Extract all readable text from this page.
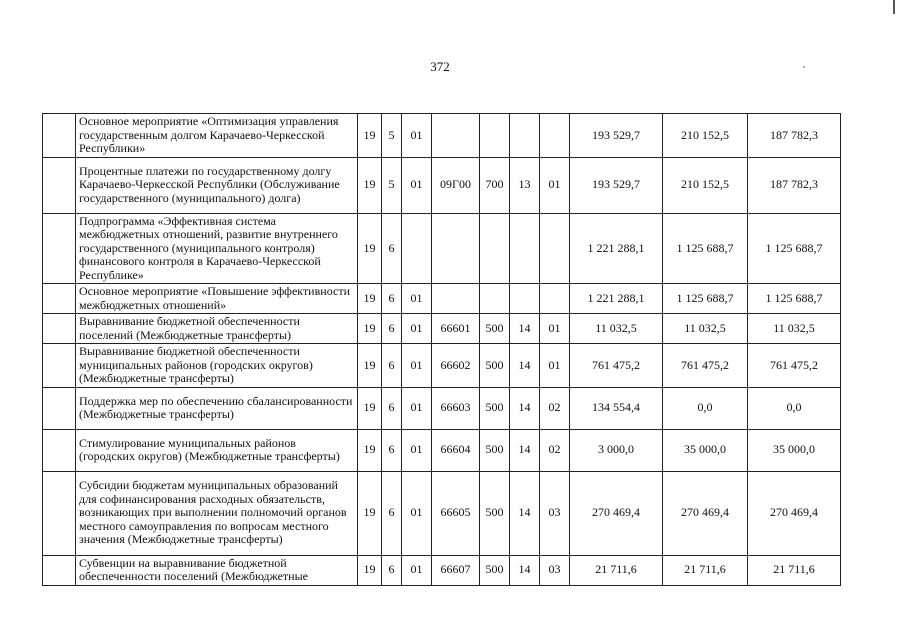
372
	Основное мероприятие «Оптимизация управления государственным долгом Карачаево-Черкесской Республики»	19	5	01					193 529,7	210 152,5	187 782,3
	Процентные платежи по государственному долгу Карачаево-Черкесской Республики (Обслуживание государственного (муниципального) долга)	19	5	01	09Г00	700	13	01	193 529,7	210 152,5	187 782,3
	Подпрограмма «Эффективная система межбюджетных отношений, развитие внутреннего государственного (муниципального контроля) финансового контроля в Карачаево-Черкесской Республике»	19	6						1 221 288,1	1 125 688,7	1 125 688,7
	Основное мероприятие «Повышение эффективности межбюджетных отношений»	19	6	01					1 221 288,1	1 125 688,7	1 125 688,7
	Выравнивание бюджетной обеспеченности поселений (Межбюджетные трансферты)	19	6	01	66601	500	14	01	11 032,5	11 032,5	11 032,5
	Выравнивание бюджетной обеспеченности муниципальных районов (городских округов) (Межбюджетные трансферты)	19	6	01	66602	500	14	01	761 475,2	761 475,2	761 475,2
	Поддержка мер по обеспечению сбалансированности (Межбюджетные трансферты)	19	6	01	66603	500	14	02	134 554,4	0,0	0,0
	Стимулирование муниципальных районов (городских округов) (Межбюджетные трансферты)	19	6	01	66604	500	14	02	3 000,0	35 000,0	35 000,0
	Субсидии бюджетам муниципальных образований для софинансирования расходных обязательств, возникающих при выполнении полномочий органов местного самоуправления по вопросам местного значения (Межбюджетные трансферты)	19	6	01	66605	500	14	03	270 469,4	270 469,4	270 469,4
	Субвенции на выравнивание бюджетной обеспеченности поселений (Межбюджетные	19	6	01	66607	500	14	03	21 711,6	21 711,6	21 711,6
